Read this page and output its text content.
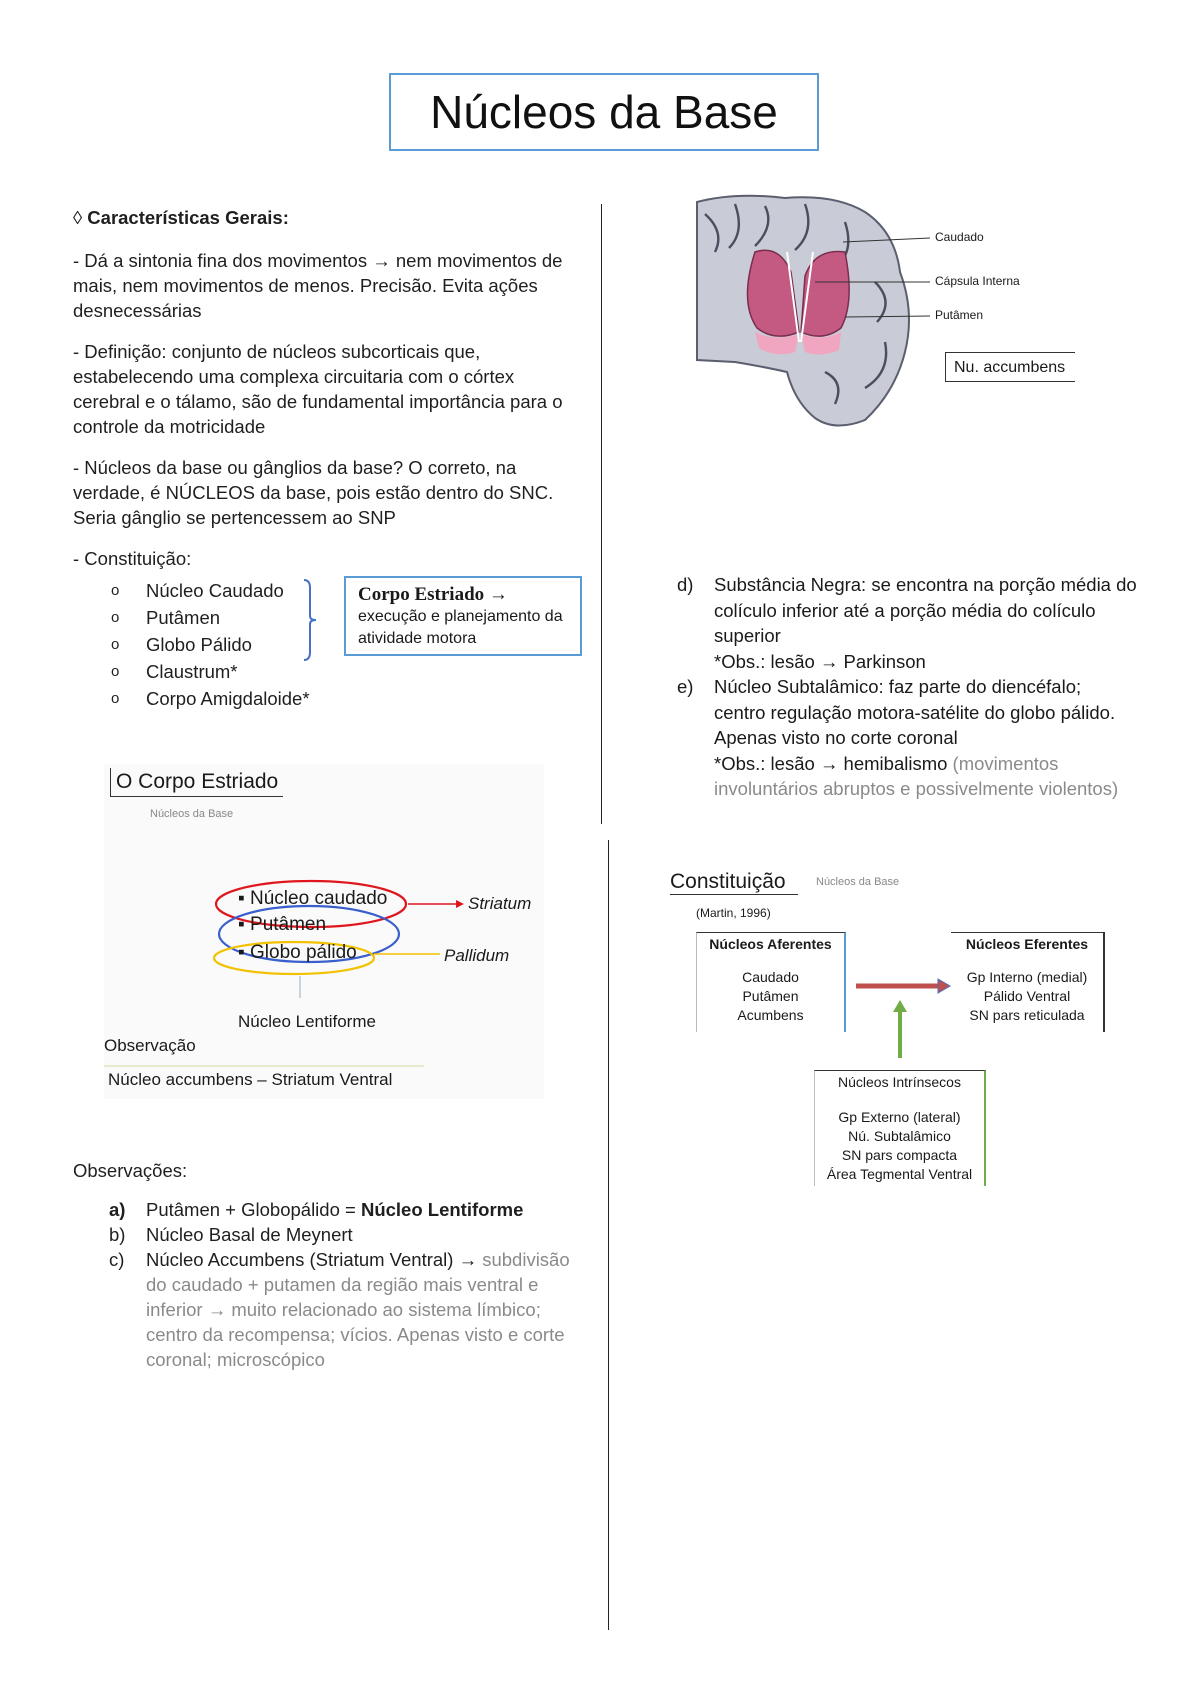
Núcleos da Base
◊ Características Gerais:
- Dá a sintonia fina dos movimentos → nem movimentos de mais, nem movimentos de menos. Precisão. Evita ações desnecessárias
- Definição: conjunto de núcleos subcorticais que, estabelecendo uma complexa circuitaria com o córtex cerebral e o tálamo, são de fundamental importância para o controle da motricidade
- Núcleos da base ou gânglios da base? O correto, na verdade, é NÚCLEOS da base, pois estão dentro do SNC. Seria gânglio se pertencessem ao SNP
- Constituição:
o Núcleo Caudado
o Putâmen
o Globo Pálido
o Claustrum*
o Corpo Amigdaloide*
Corpo Estriado →
execução e planejamento da atividade motora
O Corpo Estriado
Núcleos da Base
▪ Núcleo caudado
▪ Putâmen
▪ Globo pálido
Striatum
Pallidum
Núcleo Lentiforme
Observação
Núcleo accumbens – Striatum Ventral
Observações:
a) Putâmen + Globopálido = Núcleo Lentiforme
b) Núcleo Basal de Meynert
c) Núcleo Accumbens (Striatum Ventral) → subdivisão do caudado + putamen da região mais ventral e inferior → muito relacionado ao sistema límbico; centro da recompensa; vícios. Apenas visto e corte coronal; microscópico
Caudado
Cápsula Interna
Putâmen
Nu. accumbens
d) Substância Negra: se encontra na porção média do colículo inferior até a porção média do colículo superior
*Obs.: lesão → Parkinson
e) Núcleo Subtalâmico: faz parte do diencéfalo; centro regulação motora-satélite do globo pálido. Apenas visto no corte coronal
*Obs.: lesão → hemibalismo (movimentos involuntários abruptos e possivelmente violentos)
Constituição	Núcleos da Base
(Martin, 1996)
Núcleos Aferentes
Caudado
Putâmen
Acumbens
Núcleos Eferentes
Gp Interno (medial)
Pálido Ventral
SN pars reticulada
Núcleos Intrínsecos
Gp Externo (lateral)
Nú. Subtalâmico
SN pars compacta
Área Tegmental Ventral
